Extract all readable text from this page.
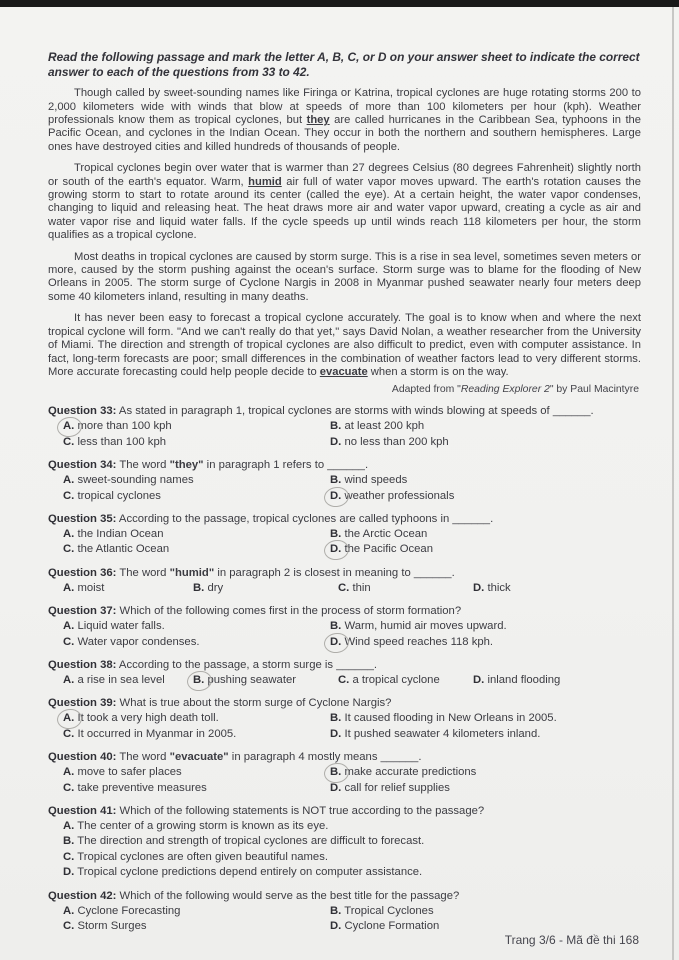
Read the following passage and mark the letter A, B, C, or D on your answer sheet to indicate the correct answer to each of the questions from 33 to 42.

Though called by sweet-sounding names like Firinga or Katrina, tropical cyclones are huge rotating storms 200 to 2,000 kilometers wide with winds that blow at speeds of more than 100 kilometers per hour (kph). Weather professionals know them as tropical cyclones, but they are called hurricanes in the Caribbean Sea, typhoons in the Pacific Ocean, and cyclones in the Indian Ocean. They occur in both the northern and southern hemispheres. Large ones have destroyed cities and killed hundreds of thousands of people.

Tropical cyclones begin over water that is warmer than 27 degrees Celsius (80 degrees Fahrenheit) slightly north or south of the earth's equator. Warm, humid air full of water vapor moves upward. The earth's rotation causes the growing storm to start to rotate around its center (called the eye). At a certain height, the water vapor condenses, changing to liquid and releasing heat. The heat draws more air and water vapor upward, creating a cycle as air and water vapor rise and liquid water falls. If the cycle speeds up until winds reach 118 kilometers per hour, the storm qualifies as a tropical cyclone.

Most deaths in tropical cyclones are caused by storm surge. This is a rise in sea level, sometimes seven meters or more, caused by the storm pushing against the ocean's surface. Storm surge was to blame for the flooding of New Orleans in 2005. The storm surge of Cyclone Nargis in 2008 in Myanmar pushed seawater nearly four meters deep some 40 kilometers inland, resulting in many deaths.

It has never been easy to forecast a tropical cyclone accurately. The goal is to know when and where the next tropical cyclone will form. "And we can't really do that yet," says David Nolan, a weather researcher from the University of Miami. The direction and strength of tropical cyclones are also difficult to predict, even with computer assistance. In fact, long-term forecasts are poor; small differences in the combination of weather factors lead to very different storms. More accurate forecasting could help people decide to evacuate when a storm is on the way.

Adapted from "Reading Explorer 2" by Paul Macintyre

Question 33: As stated in paragraph 1, tropical cyclones are storms with winds blowing at speeds of ______.

A. more than 100 kph	B. at least 200 kph
C. less than 100 kph	D. no less than 200 kph

Question 34: The word "they" in paragraph 1 refers to ______.

A. sweet-sounding names	B. wind speeds
C. tropical cyclones	D. weather professionals

Question 35: According to the passage, tropical cyclones are called typhoons in ______.

A. the Indian Ocean	B. the Arctic Ocean
C. the Atlantic Ocean	D. the Pacific Ocean

Question 36: The word "humid" in paragraph 2 is closest in meaning to ______.

A. moist	B. dry	C. thin	D. thick

Question 37: Which of the following comes first in the process of storm formation?

A. Liquid water falls.	B. Warm, humid air moves upward.
C. Water vapor condenses.	D. Wind speed reaches 118 kph.

Question 38: According to the passage, a storm surge is ______.

A. a rise in sea level	B. pushing seawater	C. a tropical cyclone	D. inland flooding

Question 39: What is true about the storm surge of Cyclone Nargis?

A. It took a very high death toll.	B. It caused flooding in New Orleans in 2005.
C. It occurred in Myanmar in 2005.	D. It pushed seawater 4 kilometers inland.

Question 40: The word "evacuate" in paragraph 4 mostly means ______.

A. move to safer places	B. make accurate predictions
C. take preventive measures	D. call for relief supplies

Question 41: Which of the following statements is NOT true according to the passage?

A. The center of a growing storm is known as its eye.
B. The direction and strength of tropical cyclones are difficult to forecast.
C. Tropical cyclones are often given beautiful names.
D. Tropical cyclone predictions depend entirely on computer assistance.

Question 42: Which of the following would serve as the best title for the passage?

A. Cyclone Forecasting	B. Tropical Cyclones
C. Storm Surges	D. Cyclone Formation
Trang 3/6 - Mã đề thi 168
